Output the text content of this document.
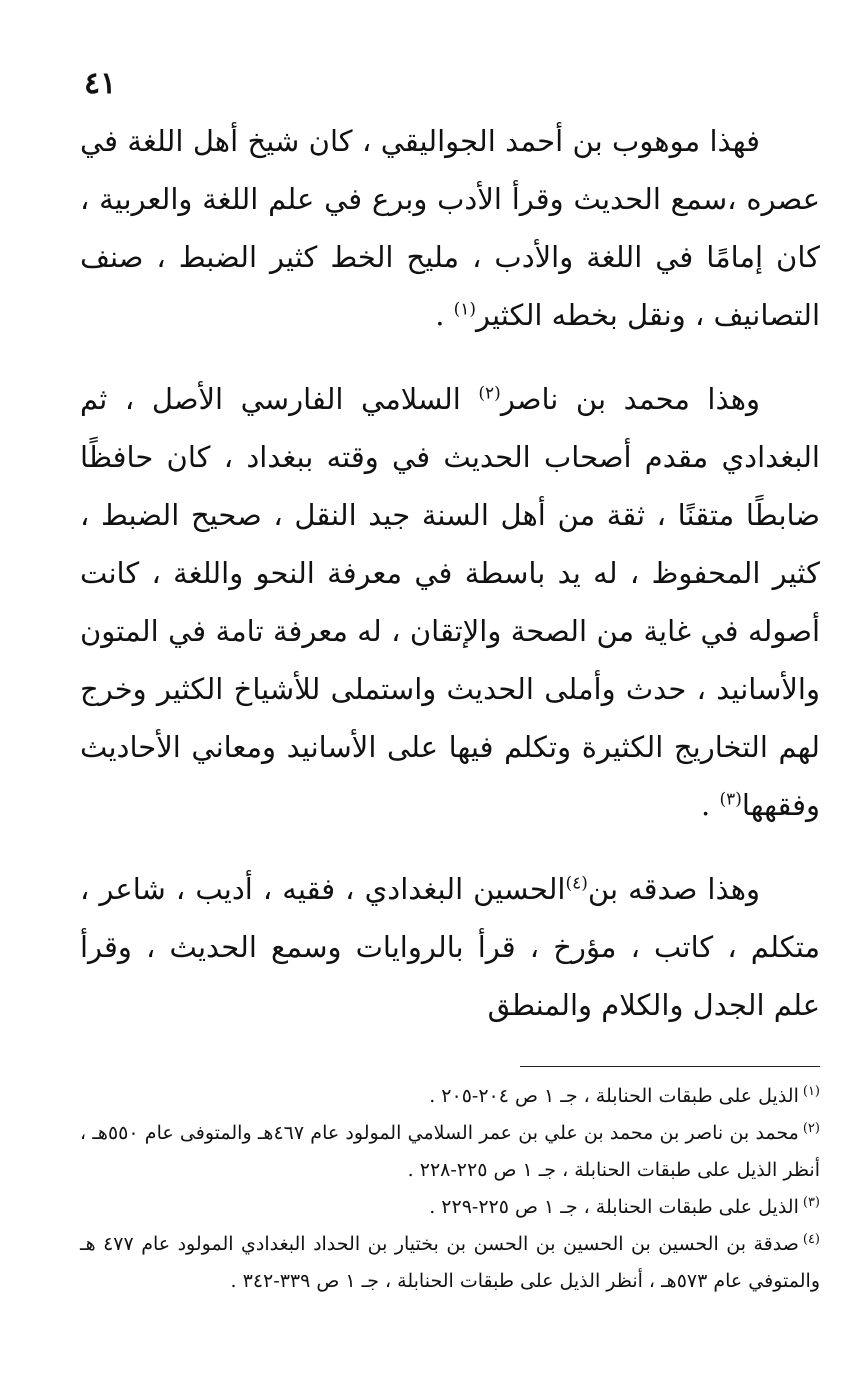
٤١

فهذا موهوب بن أحمد الجواليقي ، كان شيخ أهل اللغة في عصره ،سمع الحديث وقرأ الأدب وبرع في علم اللغة والعربية ، كان إمامًا في اللغة والأدب ، مليح الخط كثير الضبط ، صنف التصانيف ، ونقل بخطه الكثير$^{(١)}$ .

وهذا محمد بن ناصر$^{(٢)}$ السلامي الفارسي الأصل ، ثم البغدادي مقدم أصحاب الحديث في وقته ببغداد ، كان حافظًا ضابطًا متقنًا ، ثقة من أهل السنة جيد النقل ، صحيح الضبط ، كثير المحفوظ ، له يد باسطة في معرفة النحو واللغة ، كانت أصوله في غاية من الصحة والإتقان ، له معرفة تامة في المتون والأسانيد ، حدث وأملى الحديث واستملى للأشياخ الكثير وخرج لهم التخاريج الكثيرة وتكلم فيها على الأسانيد ومعاني الأحاديث وفقهها$^{(٣)}$ .

وهذا صدقه بن$^{(٤)}$الحسين البغدادي ، فقيه ، أديب ، شاعر ، متكلم ، كاتب ، مؤرخ ، قرأ بالروايات وسمع الحديث ، وقرأ علم الجدل والكلام والمنطق

$^{(١)}$الذيل على طبقات الحنابلة ، جـ ١ ص ٢٠٤-٢٠٥ .

$^{(٢)}$محمد بن ناصر بن محمد بن علي بن عمر السلامي المولود عام ٤٦٧هـ والمتوفى عام ٥٥٠هـ ، أنظر الذيل على طبقات الحنابلة ، جـ ١ ص ٢٢٥-٢٢٨ .

$^{(٣)}$الذيل على طبقات الحنابلة ، جـ ١ ص ٢٢٥-٢٢٩ .

$^{(٤)}$صدقة بن الحسين بن الحسين بن الحسن بن بختيار بن الحداد البغدادي المولود عام ٤٧٧ هـ والمتوفي عام ٥٧٣هـ ، أنظر الذيل على طبقات الحنابلة ، جـ ١ ص ٣٣٩-٣٤٢ .
